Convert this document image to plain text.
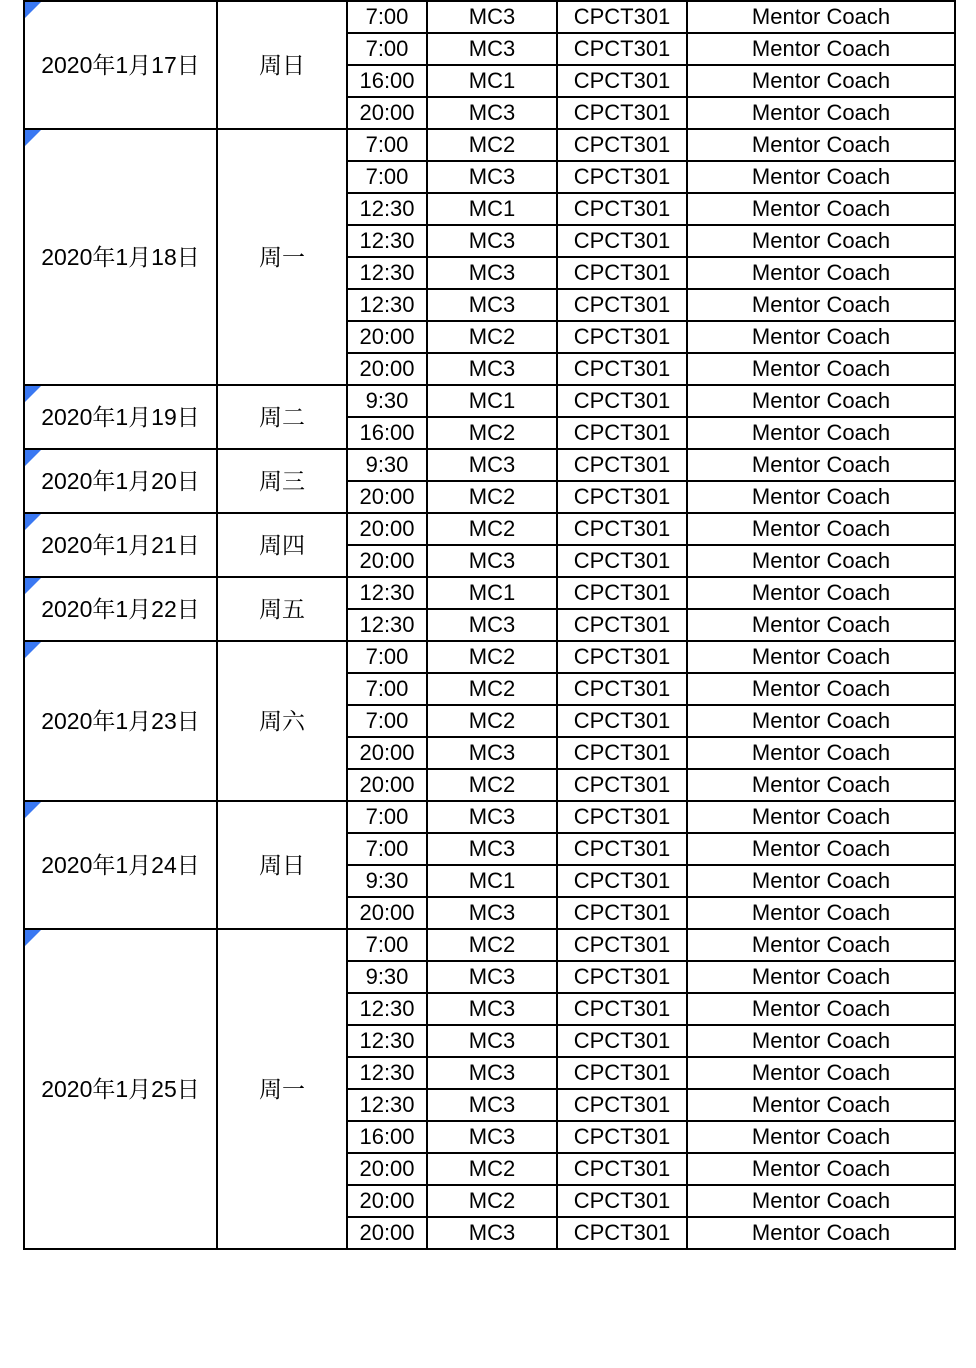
2020年1月17日	周日	7:00	MC3	CPCT301	Mentor Coach
		7:00	MC3	CPCT301	Mentor Coach
		16:00	MC1	CPCT301	Mentor Coach
		20:00	MC3	CPCT301	Mentor Coach

2020年1月18日	周一	7:00	MC2	CPCT301	Mentor Coach
		7:00	MC3	CPCT301	Mentor Coach
		12:30	MC1	CPCT301	Mentor Coach
		12:30	MC3	CPCT301	Mentor Coach
		12:30	MC3	CPCT301	Mentor Coach
		12:30	MC3	CPCT301	Mentor Coach
		20:00	MC2	CPCT301	Mentor Coach
		20:00	MC3	CPCT301	Mentor Coach

2020年1月19日	周二	9:30	MC1	CPCT301	Mentor Coach
		16:00	MC2	CPCT301	Mentor Coach

2020年1月20日	周三	9:30	MC3	CPCT301	Mentor Coach
		20:00	MC2	CPCT301	Mentor Coach

2020年1月21日	周四	20:00	MC2	CPCT301	Mentor Coach
		20:00	MC3	CPCT301	Mentor Coach

2020年1月22日	周五	12:30	MC1	CPCT301	Mentor Coach
		12:30	MC3	CPCT301	Mentor Coach

2020年1月23日	周六	7:00	MC2	CPCT301	Mentor Coach
		7:00	MC2	CPCT301	Mentor Coach
		7:00	MC2	CPCT301	Mentor Coach
		20:00	MC3	CPCT301	Mentor Coach
		20:00	MC2	CPCT301	Mentor Coach

2020年1月24日	周日	7:00	MC3	CPCT301	Mentor Coach
		7:00	MC3	CPCT301	Mentor Coach
		9:30	MC1	CPCT301	Mentor Coach
		20:00	MC3	CPCT301	Mentor Coach

2020年1月25日	周一	7:00	MC2	CPCT301	Mentor Coach
		9:30	MC3	CPCT301	Mentor Coach
		12:30	MC3	CPCT301	Mentor Coach
		12:30	MC3	CPCT301	Mentor Coach
		12:30	MC3	CPCT301	Mentor Coach
		12:30	MC3	CPCT301	Mentor Coach
		16:00	MC3	CPCT301	Mentor Coach
		20:00	MC2	CPCT301	Mentor Coach
		20:00	MC2	CPCT301	Mentor Coach
		20:00	MC3	CPCT301	Mentor Coach
